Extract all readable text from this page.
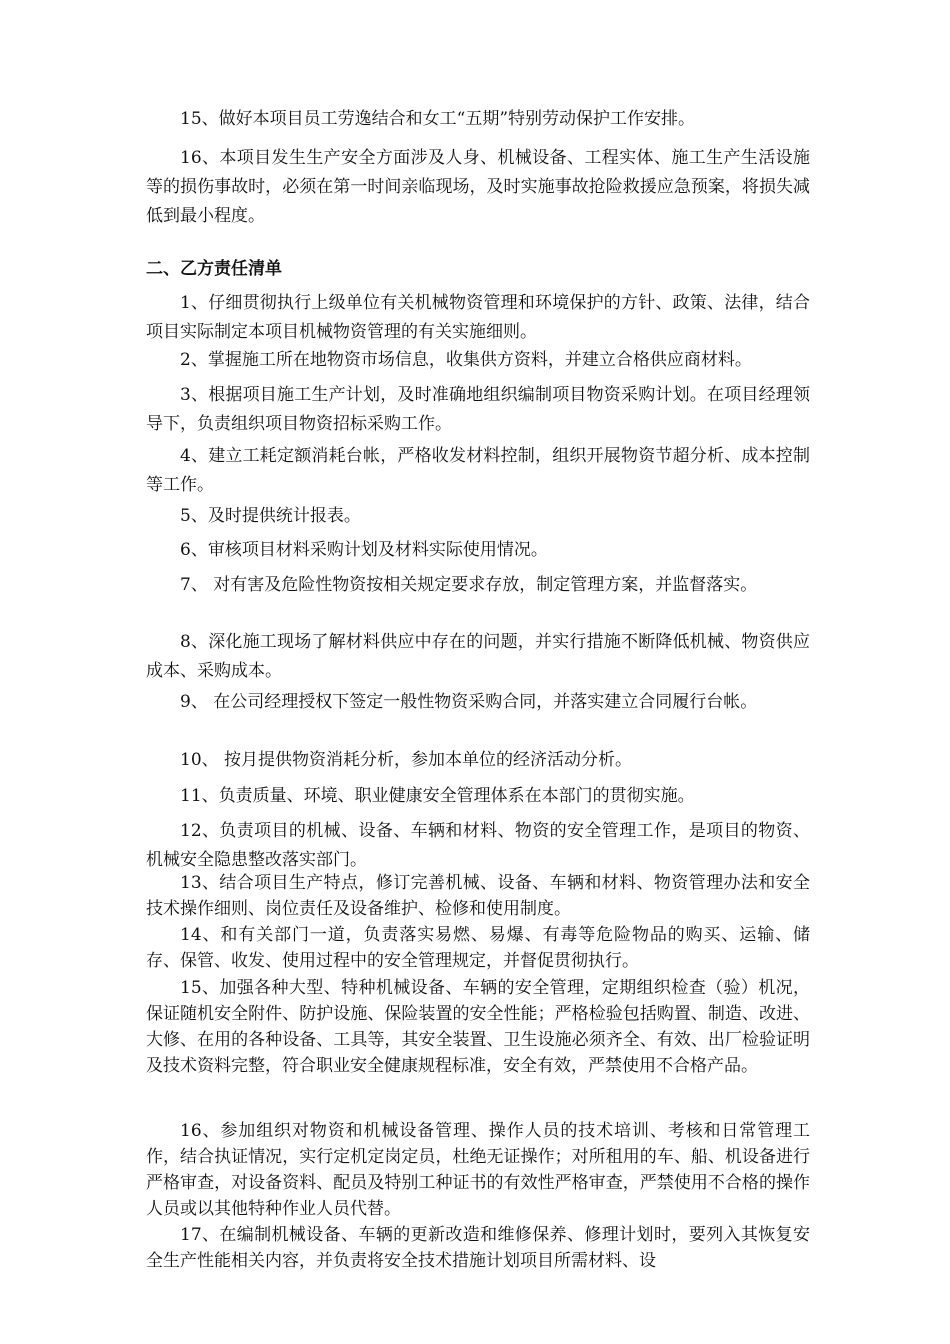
15、做好本项目员工劳逸结合和女工“五期”特别劳动保护工作安排。

16、本项目发生生产安全方面涉及人身、机械设备、工程实体、施工生产生活设施等的损伤事故时，必须在第一时间亲临现场，及时实施事故抢险救援应急预案，将损失减低到最小程度。

二、乙方责任清单

1、仔细贯彻执行上级单位有关机械物资管理和环境保护的方针、政策、法律，结合项目实际制定本项目机械物资管理的有关实施细则。

2、掌握施工所在地物资市场信息，收集供方资料，并建立合格供应商材料。

3、根据项目施工生产计划，及时准确地组织编制项目物资采购计划。在项目经理领导下，负责组织项目物资招标采购工作。

4、建立工耗定额消耗台帐，严格收发材料控制，组织开展物资节超分析、成本控制等工作。

5、及时提供统计报表。

6、审核项目材料采购计划及材料实际使用情况。

7、 对有害及危险性物资按相关规定要求存放，制定管理方案，并监督落实。

8、深化施工现场了解材料供应中存在的问题，并实行措施不断降低机械、物资供应成本、采购成本。

9、 在公司经理授权下签定一般性物资采购合同，并落实建立合同履行台帐。

10、 按月提供物资消耗分析，参加本单位的经济活动分析。

11、负责质量、环境、职业健康安全管理体系在本部门的贯彻实施。

12、负责项目的机械、设备、车辆和材料、物资的安全管理工作，是项目的物资、机械安全隐患整改落实部门。

13、结合项目生产特点，修订完善机械、设备、车辆和材料、物资管理办法和安全技术操作细则、岗位责任及设备维护、检修和使用制度。

14、和有关部门一道，负责落实易燃、易爆、有毒等危险物品的购买、运输、储存、保管、收发、使用过程中的安全管理规定，并督促贯彻执行。

15、加强各种大型、特种机械设备、车辆的安全管理，定期组织检查（验）机况，保证随机安全附件、防护设施、保险装置的安全性能；严格检验包括购置、制造、改进、大修、在用的各种设备、工具等，其安全装置、卫生设施必须齐全、有效、出厂检验证明及技术资料完整，符合职业安全健康规程标准，安全有效，严禁使用不合格产品。

16、参加组织对物资和机械设备管理、操作人员的技术培训、考核和日常管理工作，结合执证情况，实行定机定岗定员，杜绝无证操作；对所租用的车、船、机设备进行严格审查，对设备资料、配员及特别工种证书的有效性严格审查，严禁使用不合格的操作人员或以其他特种作业人员代替。

17、在编制机械设备、车辆的更新改造和维修保养、修理计划时，要列入其恢复安全生产性能相关内容，并负责将安全技术措施计划项目所需材料、设
